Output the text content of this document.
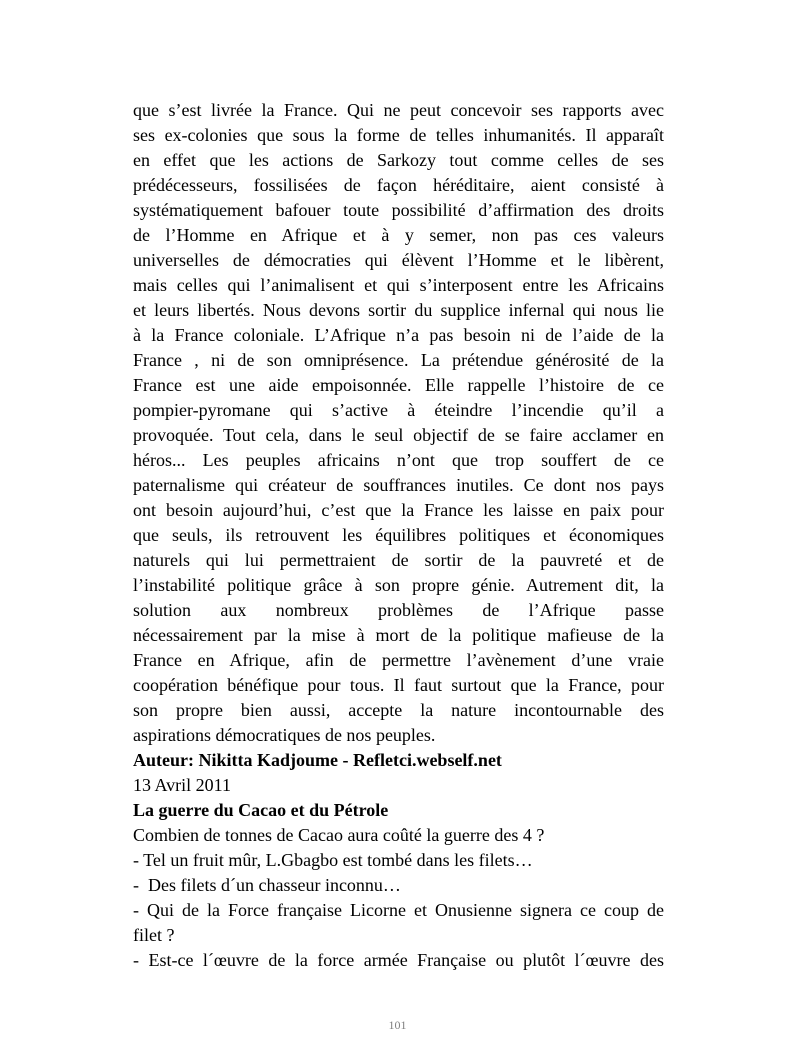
que s’est livrée la France. Qui ne peut concevoir ses rapports avec
ses ex-colonies que sous la forme de telles inhumanités. Il apparaît
en effet que les actions de Sarkozy tout comme celles de ses
prédécesseurs, fossilisées de façon héréditaire, aient consisté à
systématiquement bafouer toute possibilité d’affirmation des droits
de l’Homme en Afrique et à y semer, non pas ces valeurs
universelles de démocraties qui élèvent l’Homme et le libèrent,
mais celles qui l’animalisent et qui s’interposent entre les Africains
et leurs libertés. Nous devons sortir du supplice infernal qui nous lie
à la France coloniale. L’Afrique n’a pas besoin ni de l’aide de la
France , ni de son omniprésence. La prétendue générosité de la
France est une aide empoisonnée. Elle rappelle l’histoire de ce
pompier-pyromane qui s’active à éteindre l’incendie qu’il a
provoquée. Tout cela, dans le seul objectif de se faire acclamer en
héros... Les peuples africains n’ont que trop souffert de ce
paternalisme qui créateur de souffrances inutiles. Ce dont nos pays
ont besoin aujourd’hui, c’est que la France les laisse en paix pour
que seuls, ils retrouvent les équilibres politiques et économiques
naturels qui lui permettraient de sortir de la pauvreté et de
l’instabilité politique grâce à son propre génie. Autrement dit, la
solution aux nombreux problèmes de l’Afrique passe
nécessairement par la mise à mort de la politique mafieuse de la
France en Afrique, afin de permettre l’avènement d’une vraie
coopération bénéfique pour tous. Il faut surtout que la France, pour
son propre bien aussi, accepte la nature incontournable des
aspirations démocratiques de nos peuples.
Auteur: Nikitta Kadjoume - Refletci.webself.net
13 Avril 2011
La guerre du Cacao et du Pétrole
Combien de tonnes de Cacao aura coûté la guerre des 4 ?
- Tel un fruit mûr, L.Gbagbo est tombé dans les filets…
-  Des filets d´un chasseur inconnu…
- Qui de la Force française Licorne et Onusienne signera ce coup de
filet ?
- Est-ce l´œuvre de la force armée Française ou plutôt l´œuvre des
101
